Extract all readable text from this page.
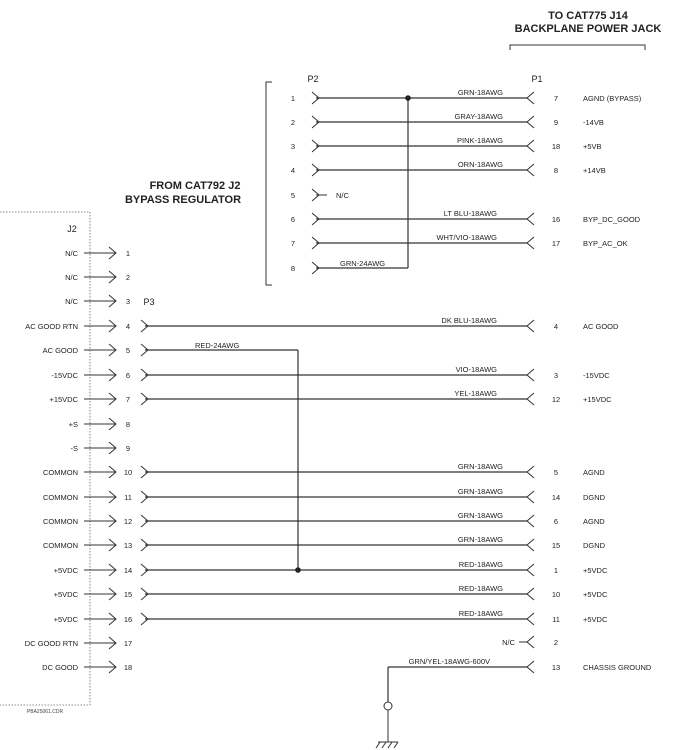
TO CAT775 J14
BACKPLANE POWER JACK
FROM CAT792 J2
BYPASS REGULATOR
P2	P1
P3
J2
1
GRN-18AWG
7	AGND (BYPASS)
2
GRAY-18AWG
9	-14VB
3
PINK-18AWG
18	+5VB
4
ORN-18AWG
8	+14VB
5	N/C
6
LT BLU-18AWG
16	BYP_DC_GOOD
7
WHT/VIO-18AWG
17	BYP_AC_OK
8
GRN-24AWG
N/C	1
N/C	2
N/C	3
AC GOOD RTN	4
DK BLU-18AWG
4	AC GOOD
AC GOOD	5
RED-24AWG
-15VDC	6
VIO-18AWG
3	-15VDC
+15VDC	7
YEL-18AWG
12	+15VDC
+S	8
-S	9
COMMON	10
GRN-18AWG
5	AGND
COMMON	11
GRN-18AWG
14	DGND
COMMON	12
GRN-18AWG
6	AGND
COMMON	13
GRN-18AWG
15	DGND
+5VDC	14
RED-18AWG
1	+5VDC
+5VDC	15
RED-18AWG
10	+5VDC
+5VDC	16
RED-18AWG
11	+5VDC
DC GOOD RTN	17
DC GOOD	18
N/C	2
GRN/YEL-18AWG-600V
13	CHASSIS GROUND
PBA25061.CDR
